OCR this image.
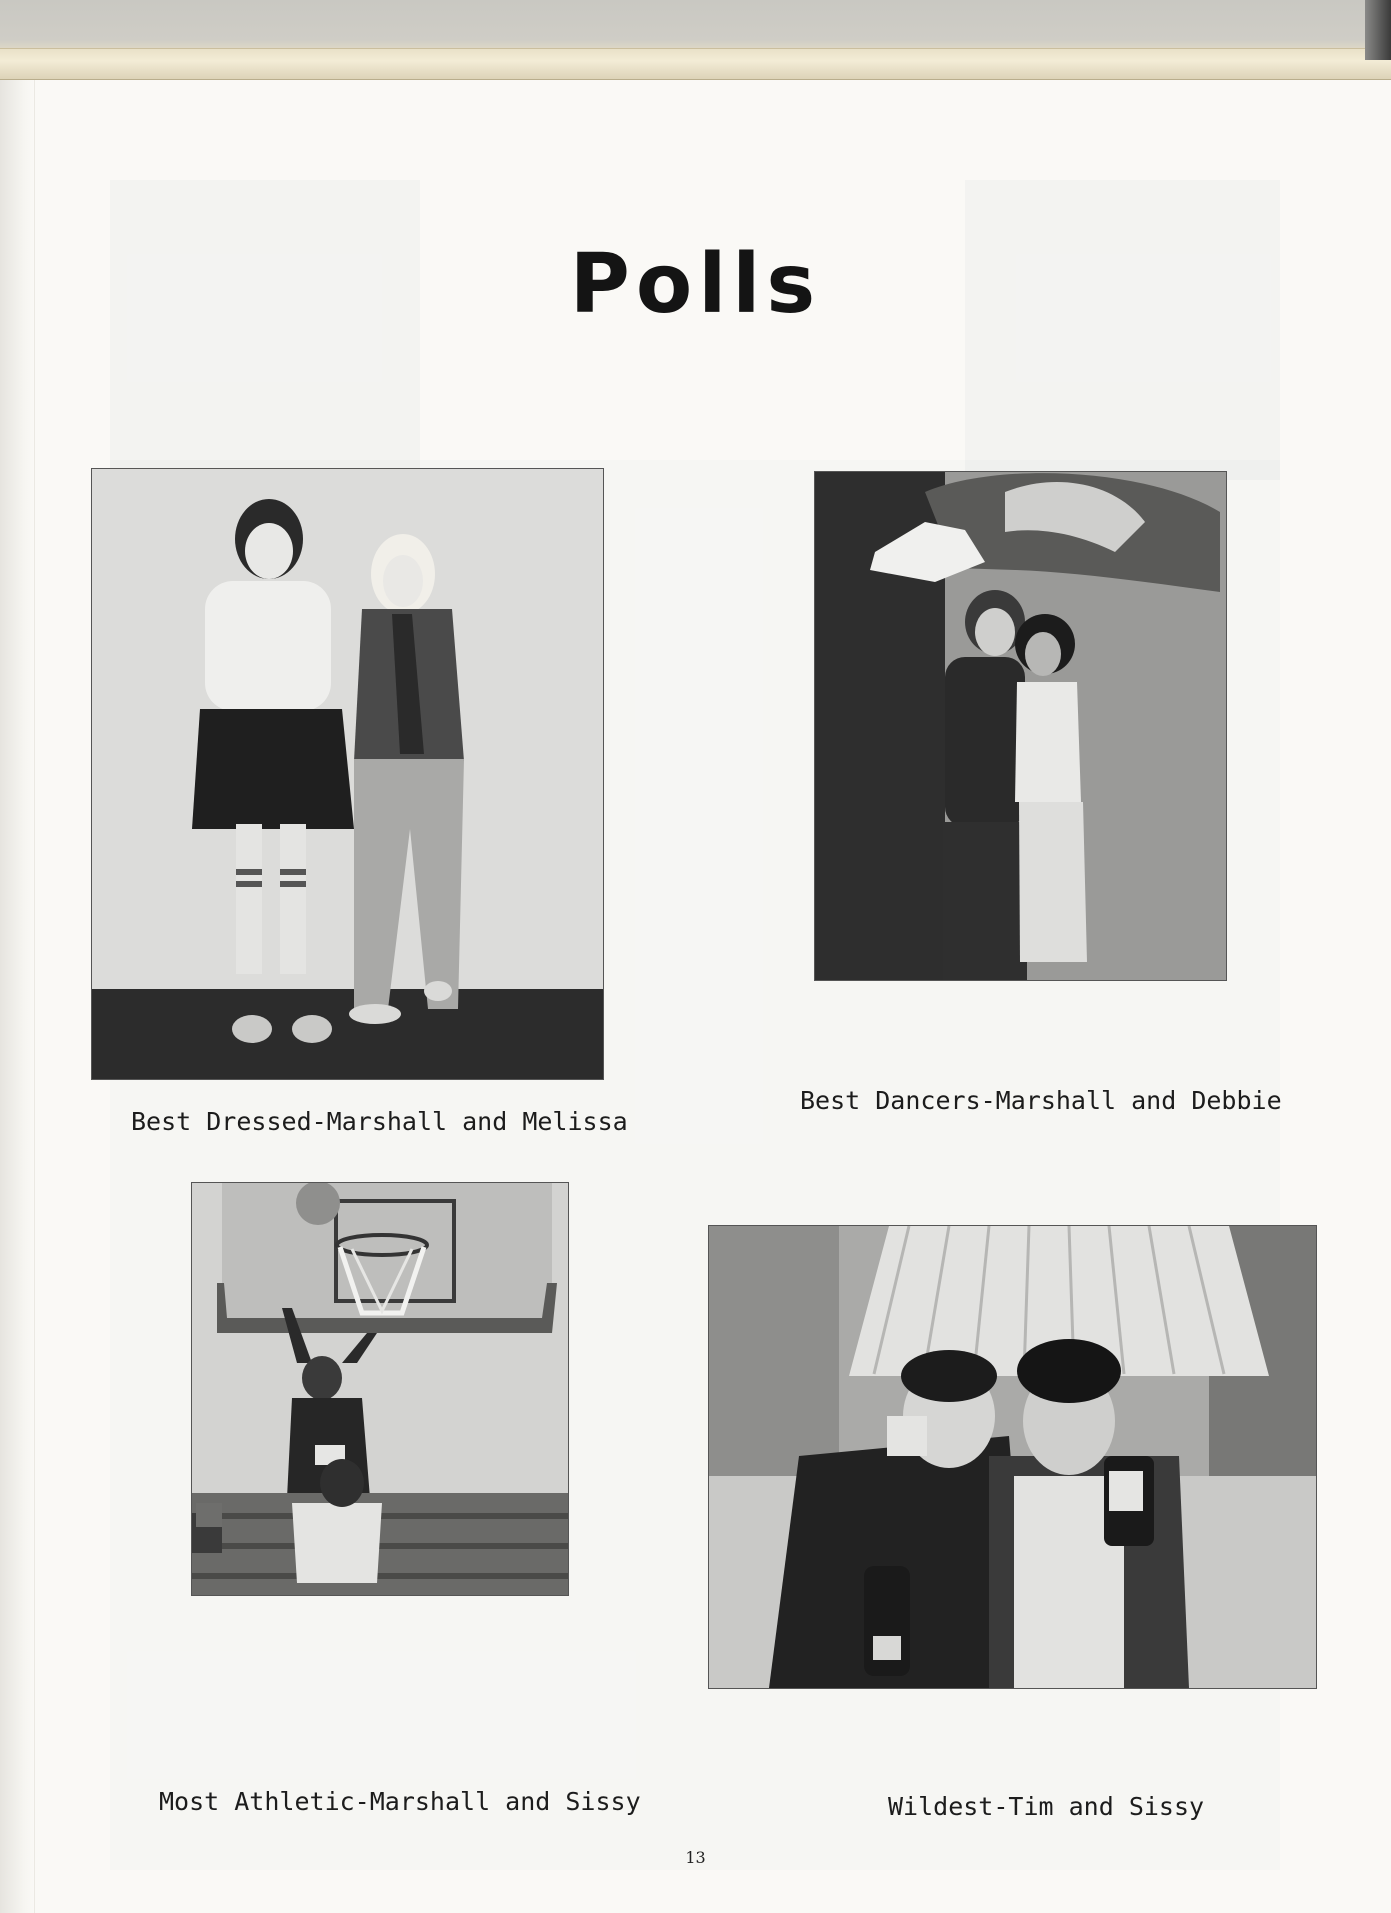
Polls
Best Dressed-Marshall and Melissa
Best Dancers-Marshall and Debbie
Most Athletic-Marshall and Sissy	Wildest-Tim and Sissy
13
